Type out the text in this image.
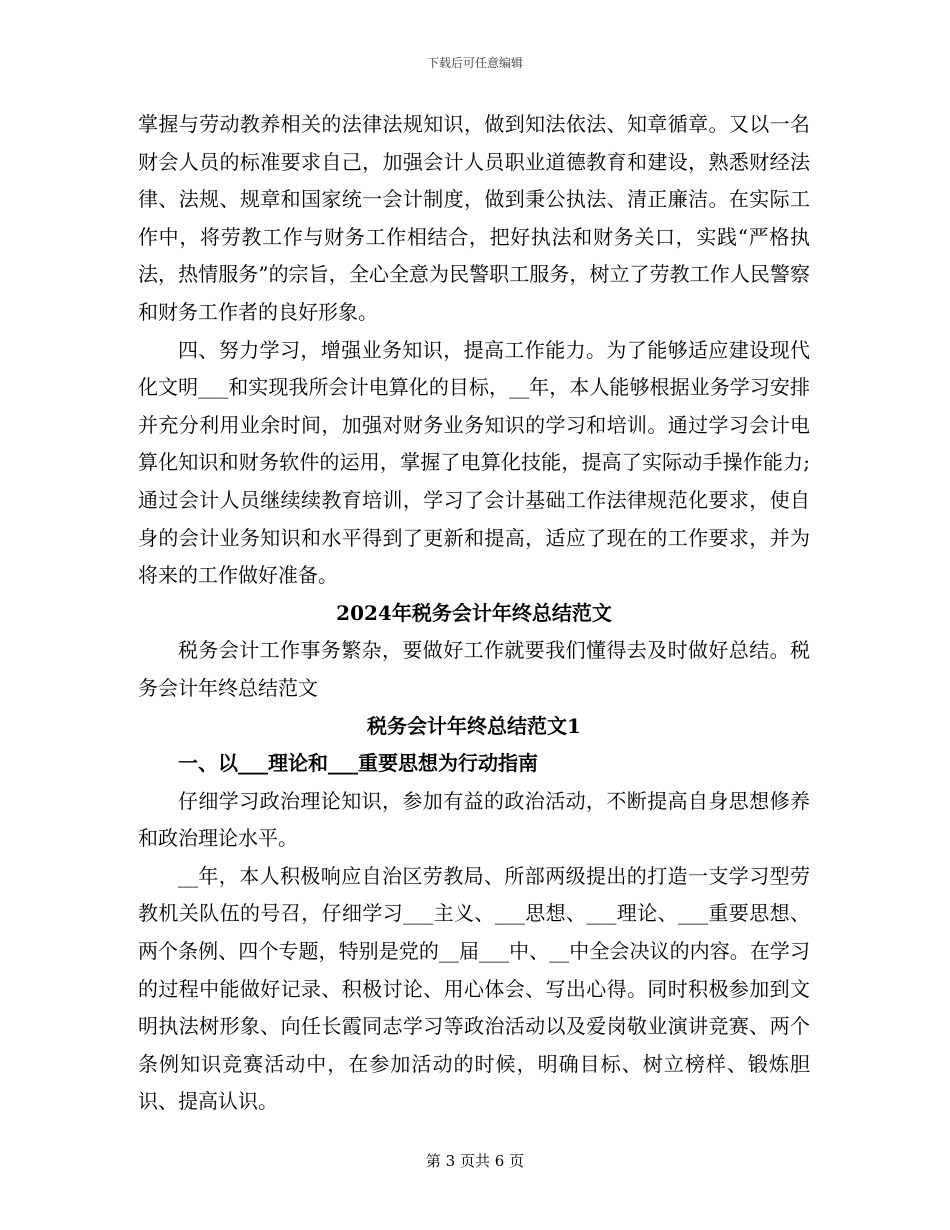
下载后可任意编辑

掌握与劳动教养相关的法律法规知识，做到知法依法、知章循章。又以一名财会人员的标准要求自己，加强会计人员职业道德教育和建设，熟悉财经法律、法规、规章和国家统一会计制度，做到秉公执法、清正廉洁。在实际工作中，将劳教工作与财务工作相结合，把好执法和财务关口，实践“严格执法，热情服务”的宗旨，全心全意为民警职工服务，树立了劳教工作人民警察和财务工作者的良好形象。

四、努力学习，增强业务知识，提高工作能力。为了能够适应建设现代化文明___和实现我所会计电算化的目标，__年，本人能够根据业务学习安排并充分利用业余时间，加强对财务业务知识的学习和培训。通过学习会计电算化知识和财务软件的运用，掌握了电算化技能，提高了实际动手操作能力;通过会计人员继续续教育培训，学习了会计基础工作法律规范化要求，使自身的会计业务知识和水平得到了更新和提高，适应了现在的工作要求，并为将来的工作做好准备。

2024年税务会计年终总结范文

税务会计工作事务繁杂，要做好工作就要我们懂得去及时做好总结。税务会计年终总结范文

税务会计年终总结范文1

一、以___理论和___重要思想为行动指南

仔细学习政治理论知识，参加有益的政治活动，不断提高自身思想修养和政治理论水平。

__年，本人积极响应自治区劳教局、所部两级提出的打造一支学习型劳教机关队伍的号召，仔细学习___主义、___思想、___理论、___重要思想、两个条例、四个专题，特别是党的__届___中、__中全会决议的内容。在学习的过程中能做好记录、积极讨论、用心体会、写出心得。同时积极参加到文明执法树形象、向任长霞同志学习等政治活动以及爱岗敬业演讲竞赛、两个条例知识竞赛活动中，在参加活动的时候，明确目标、树立榜样、锻炼胆识、提高认识。

第 3 页共 6 页
